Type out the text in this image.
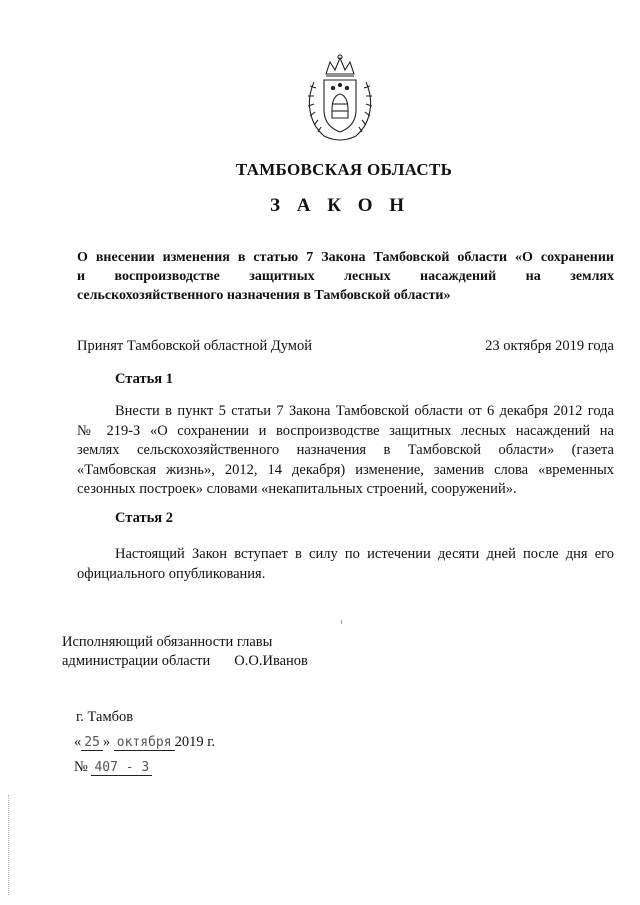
ТАМБОВСКАЯ ОБЛАСТЬ
З А К О Н
О внесении изменения в статью 7 Закона Тамбовской области «О сохранении
и воспроизводстве защитных лесных насаждений на землях
сельскохозяйственного назначения в Тамбовской области»
Принят Тамбовской областной Думой	23 октября 2019 года
Статья 1
Внести в пункт 5 статьи 7 Закона Тамбовской области от 6 декабря 2012 года
№ 219-З «О сохранении и воспроизводстве защитных лесных насаждений на
землях сельскохозяйственного назначения в Тамбовской области» (газета
«Тамбовская жизнь», 2012, 14 декабря) изменение, заменив слова «временных
сезонных построек» словами «некапитальных строений, сооружений».
Статья 2
Настоящий Закон вступает в силу по истечении десяти дней после дня его
официального опубликования.
Исполняющий обязанности главы
администрации области О.О.Иванов
г. Тамбов
« 25 » октября 2019 г.
№ 407 - З
